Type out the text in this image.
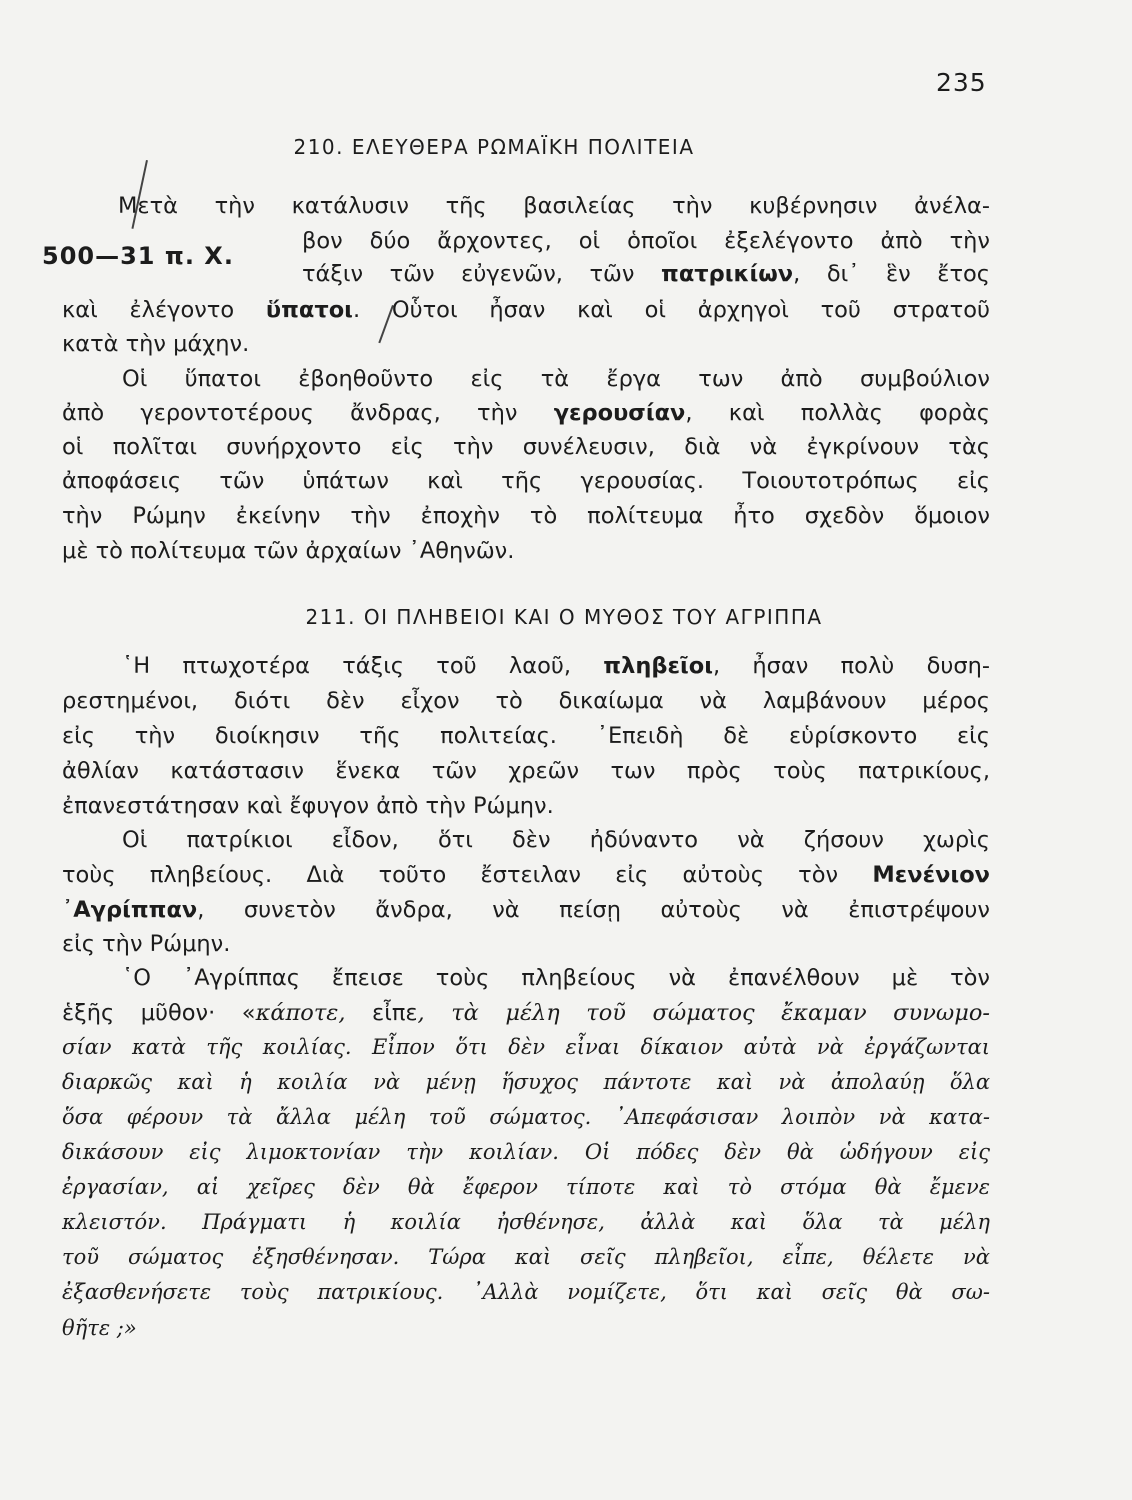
235
210. ΕΛΕΥΘΕΡΑ ΡΩΜΑΪΚΗ ΠΟΛΙΤΕΙΑ
500—31 π. Χ.
Μετὰ τὴν κατάλυσιν τῆς βασιλείας τὴν κυβέρνησιν ἀνέλα-
βον δύο ἄρχοντες, οἱ ὁποῖοι ἐξελέγοντο ἀπὸ τὴν
τάξιν τῶν εὐγενῶν, τῶν πατρικίων, δι᾽ ἓν ἔτος
καὶ ἐλέγοντο ὕπατοι. Οὗτοι ἦσαν καὶ οἱ ἀρχηγοὶ τοῦ στρατοῦ
κατὰ τὴν μάχην.
Οἱ ὕπατοι ἐβοηθοῦντο εἰς τὰ ἔργα των ἀπὸ συμβούλιον
ἀπὸ γεροντοτέρους ἄνδρας, τὴν γερουσίαν, καὶ πολλὰς φορὰς
οἱ πολῖται συνήρχοντο εἰς τὴν συνέλευσιν, διὰ νὰ ἐγκρίνουν τὰς
ἀποφάσεις τῶν ὑπάτων καὶ τῆς γερουσίας. Τοιουτοτρόπως εἰς
τὴν Ρώμην ἐκείνην τὴν ἐποχὴν τὸ πολίτευμα ἦτο σχεδὸν ὅμοιον
μὲ τὸ πολίτευμα τῶν ἀρχαίων ᾿Αθηνῶν.
211. ΟΙ ΠΛΗΒΕΙΟΙ ΚΑΙ Ο ΜΥΘΟΣ ΤΟΥ ΑΓΡΙΠΠΑ
῾Η πτωχοτέρα τάξις τοῦ λαοῦ, πληβεῖοι, ἦσαν πολὺ δυση-
ρεστημένοι, διότι δὲν εἶχον τὸ δικαίωμα νὰ λαμβάνουν μέρος
εἰς τὴν διοίκησιν τῆς πολιτείας. ᾿Επειδὴ δὲ εὑρίσκοντο εἰς
ἀθλίαν κατάστασιν ἕνεκα τῶν χρεῶν των πρὸς τοὺς πατρικίους,
ἐπανεστάτησαν καὶ ἔφυγον ἀπὸ τὴν Ρώμην.
Οἱ πατρίκιοι εἶδον, ὅτι δὲν ἠδύναντο νὰ ζήσουν χωρὶς
τοὺς πληβείους. Διὰ τοῦτο ἔστειλαν εἰς αὐτοὺς τὸν Μενένιον
᾿Αγρίππαν, συνετὸν ἄνδρα, νὰ πείσῃ αὐτοὺς νὰ ἐπιστρέψουν
εἰς τὴν Ρώμην.
῾Ο ᾿Αγρίππας ἔπεισε τοὺς πληβείους νὰ ἐπανέλθουν μὲ τὸν
ἑξῆς μῦθον· «κάποτε, εἶπε, τὰ μέλη τοῦ σώματος ἔκαμαν συνωμο-
σίαν κατὰ τῆς κοιλίας. Εἶπον ὅτι δὲν εἶναι δίκαιον αὐτὰ νὰ ἐργάζωνται
διαρκῶς καὶ ἡ κοιλία νὰ μένῃ ἥσυχος πάντοτε καὶ νὰ ἀπολαύῃ ὅλα
ὅσα φέρουν τὰ ἄλλα μέλη τοῦ σώματος. ᾿Απεφάσισαν λοιπὸν νὰ κατα-
δικάσουν εἰς λιμοκτονίαν τὴν κοιλίαν. Οἱ πόδες δὲν θὰ ὡδήγουν εἰς
ἐργασίαν, αἱ χεῖρες δὲν θὰ ἔφερον τίποτε καὶ τὸ στόμα θὰ ἔμενε
κλειστόν. Πράγματι ἡ κοιλία ἠσθένησε, ἀλλὰ καὶ ὅλα τὰ μέλη
τοῦ σώματος ἐξησθένησαν. Τώρα καὶ σεῖς πληβεῖοι, εἶπε, θέλετε νὰ
ἐξασθενήσετε τοὺς πατρικίους. ᾿Αλλὰ νομίζετε, ὅτι καὶ σεῖς θὰ σω-
θῆτε ;»
